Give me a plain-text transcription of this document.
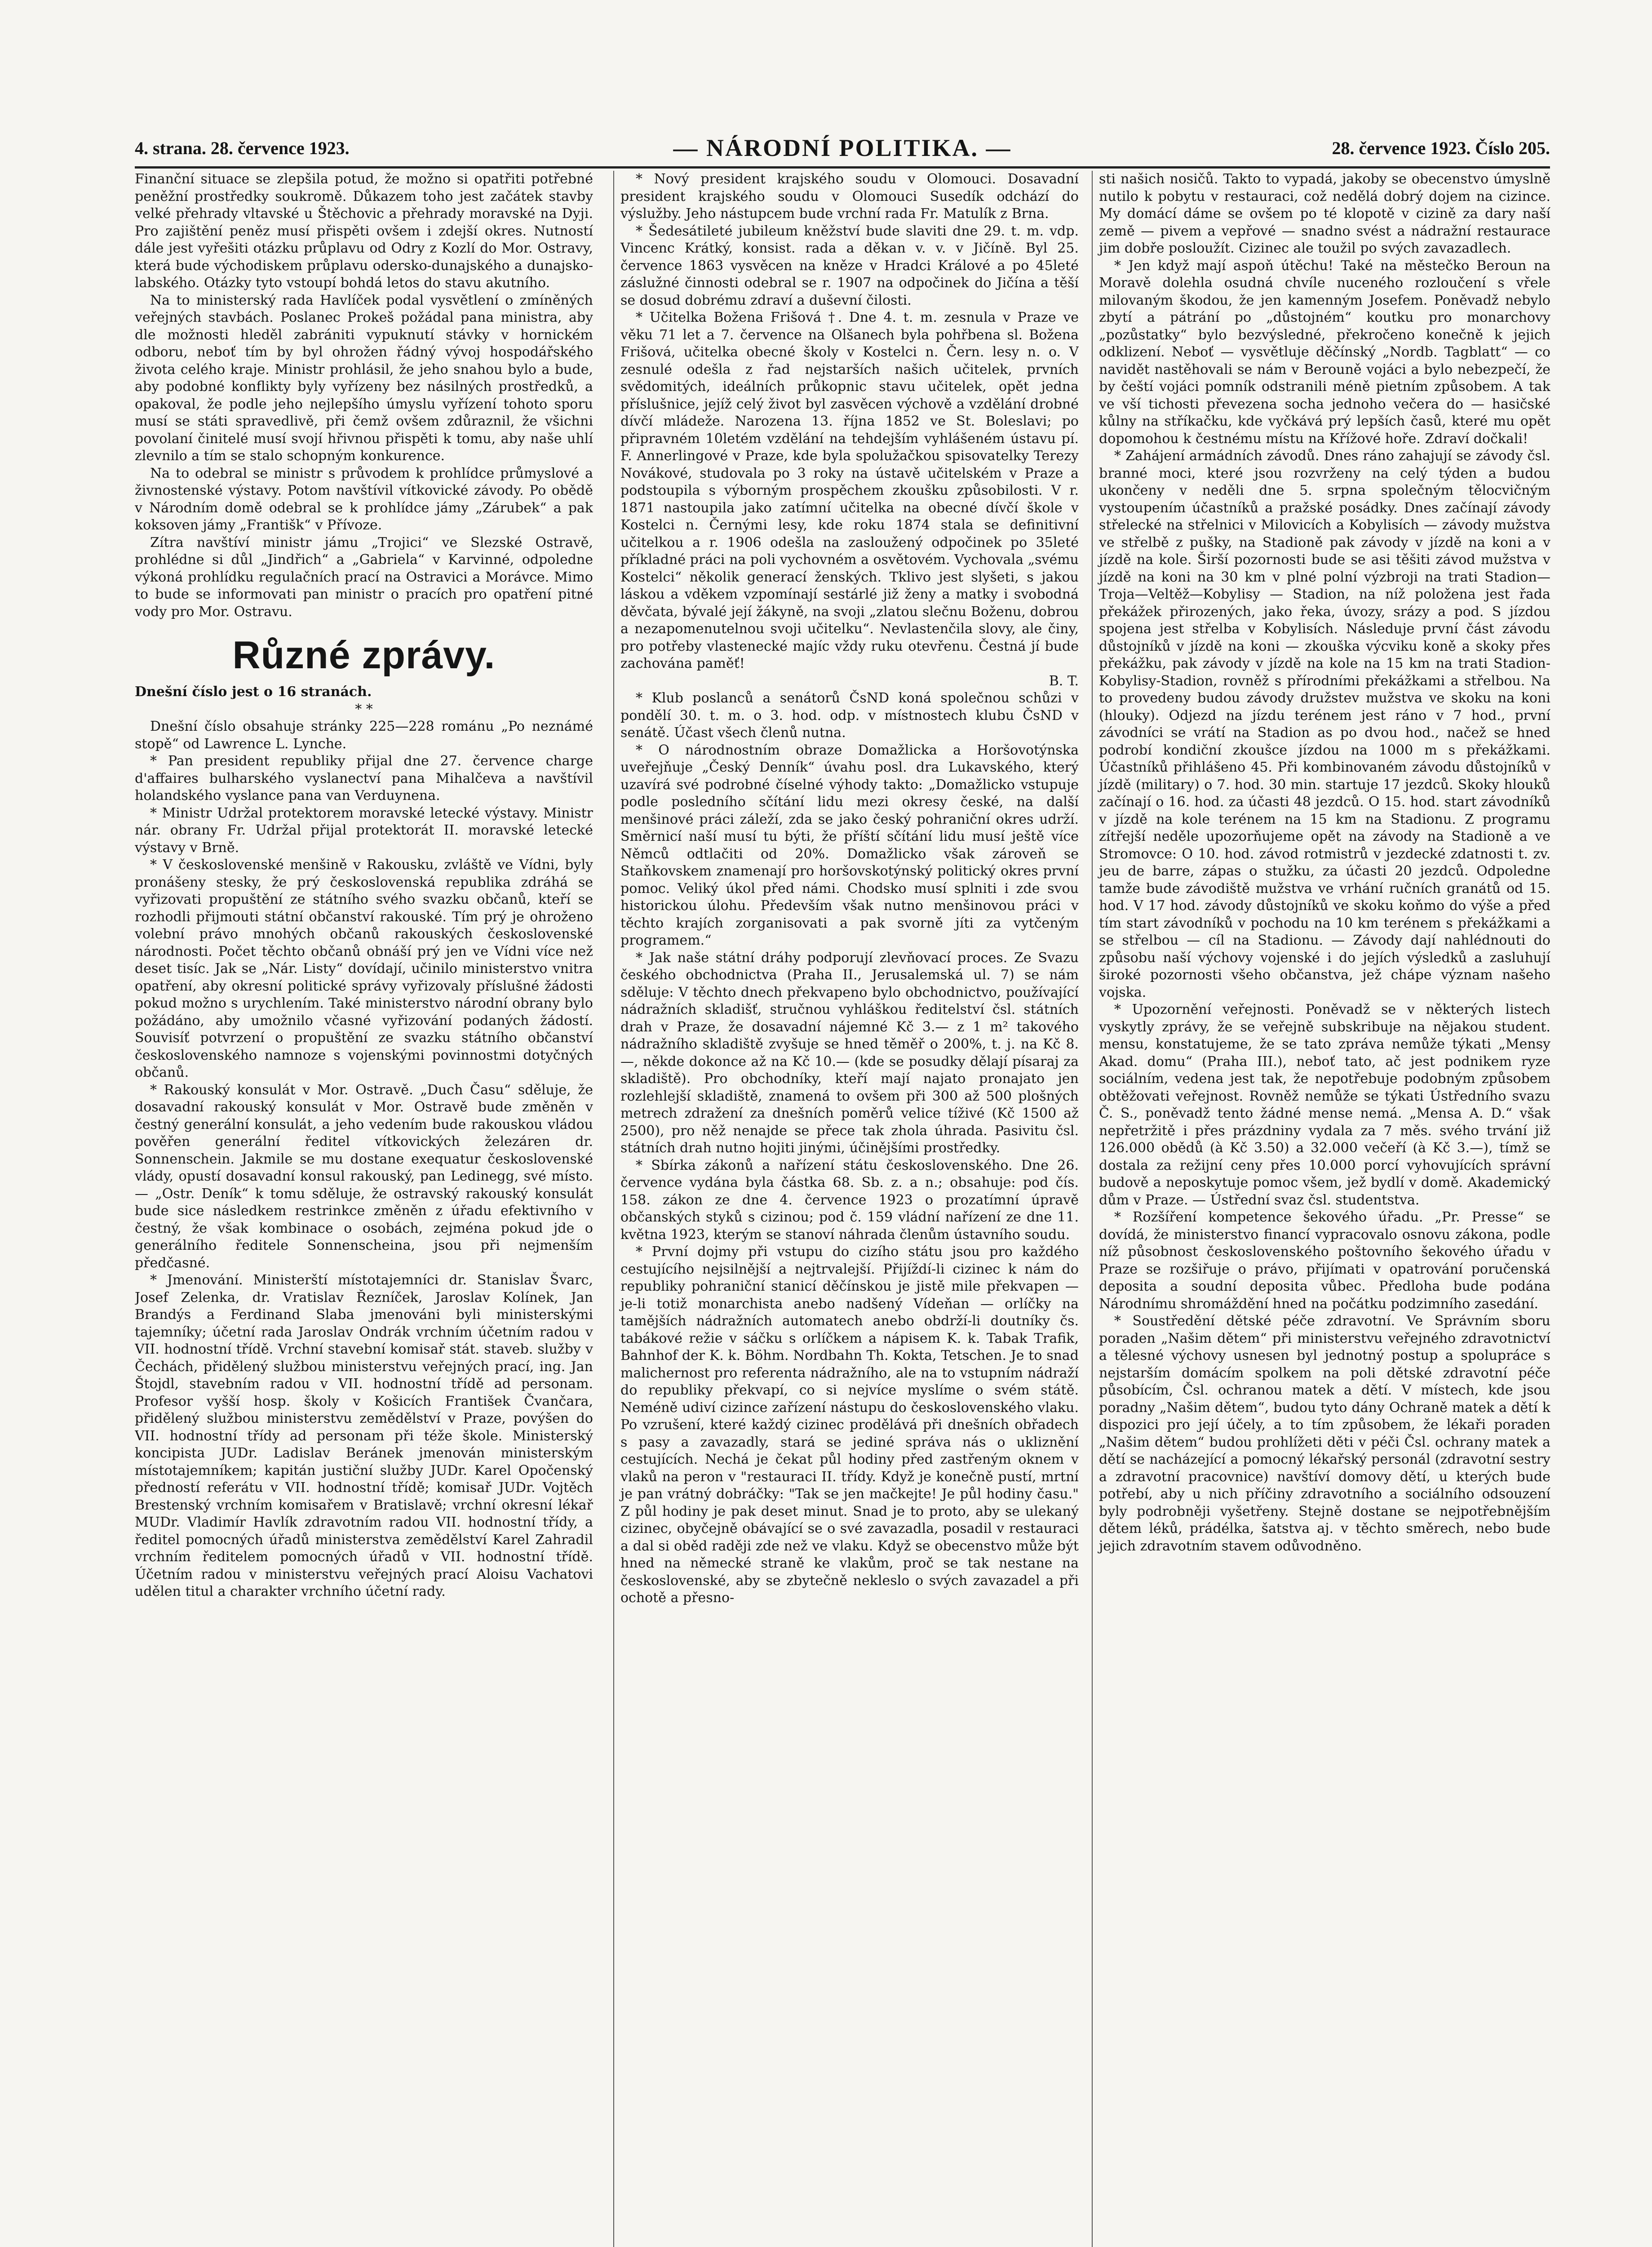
4. strana. 28. července 1923.	— NÁRODNÍ POLITIKA. —	28. července 1923. Číslo 205.

Finanční situace se zlepšila potud, že možno si opatřiti potřebné peněžní prostředky soukromě. Důkazem toho jest začátek stavby velké přehrady vltavské u Štěchovic a přehrady moravské na Dyji. Pro zajištění peněz musí přispěti ovšem i zdejší okres. Nutností dále jest vyřešiti otázku průplavu od Odry z Kozlí do Mor. Ostravy, která bude východiskem průplavu odersko-dunajského a dunajsko-labského. Otázky tyto vstoupí bohdá letos do stavu akutního.

Na to ministerský rada Havlíček podal vysvětlení o zmíněných veřejných stavbách. Poslanec Prokeš požádal pana ministra, aby dle možnosti hleděl zabrániti vypuknutí stávky v hornickém odboru, neboť tím by byl ohrožen řádný vývoj hospodářského života celého kraje. Ministr prohlásil, že jeho snahou bylo a bude, aby podobné konflikty byly vyřízeny bez násilných prostředků, a opakoval, že podle jeho nejlepšího úmyslu vyřízení tohoto sporu musí se státi spravedlivě, při čemž ovšem zdůraznil, že všichni povolaní činitelé musí svojí hřivnou přispěti k tomu, aby naše uhlí zlevnilo a tím se stalo schopným konkurence.

Na to odebral se ministr s průvodem k prohlídce průmyslové a živnostenské výstavy. Potom navštívil vítkovické závody. Po obědě v Národním domě odebral se k prohlídce jámy „Zárubek“ a pak koksoven jámy „Františk“ v Přívoze.

Zítra navštíví ministr jámu „Trojici“ ve Slezské Ostravě, prohlédne si důl „Jindřich“ a „Gabriela“ v Karvinné, odpoledne výkoná prohlídku regulačních prací na Ostravici a Morávce. Mimo to bude se informovati pan ministr o pracích pro opatření pitné vody pro Mor. Ostravu.

Různé zprávy.

Dnešní číslo jest o 16 stranách.

* *

Dnešní číslo obsahuje stránky 225—228 románu „Po neznámé stopě“ od Lawrence L. Lynche.

* Pan president republiky přijal dne 27. července charge d'affaires bulharského vyslanectví pana Mihalčeva a navštívil holandského vyslance pana van Verduynena.

* Ministr Udržal protektorem moravské letecké výstavy. Ministr nár. obrany Fr. Udržal přijal protektorát II. moravské letecké výstavy v Brně.

* V československé menšině v Rakousku, zvláště ve Vídni, byly pronášeny stesky, že prý československá republika zdráhá se vyřizovati propuštění ze státního svého svazku občanů, kteří se rozhodli přijmouti státní občanství rakouské. Tím prý je ohroženo volební právo mnohých občanů rakouských československé národnosti. Počet těchto občanů obnáší prý jen ve Vídni více než deset tisíc. Jak se „Nár. Listy“ dovídají, učinilo ministerstvo vnitra opatření, aby okresní politické správy vyřizovaly příslušné žádosti pokud možno s urychlením. Také ministerstvo národní obrany bylo požádáno, aby umožnilo včasné vyřizování podaných žádostí. Souvisíť potvrzení o propuštění ze svazku státního občanství československého namnoze s vojenskými povinnostmi dotyčných občanů.

* Rakouský konsulát v Mor. Ostravě. „Duch Času“ sděluje, že dosavadní rakouský konsulát v Mor. Ostravě bude změněn v čestný generální konsulát, a jeho vedením bude rakouskou vládou pověřen generální ředitel vítkovických železáren dr. Sonnenschein. Jakmile se mu dostane exequatur československé vlády, opustí dosavadní konsul rakouský, pan Ledinegg, své místo. — „Ostr. Deník“ k tomu sděluje, že ostravský rakouský konsulát bude sice následkem restrinkce změněn z úřadu efektivního v čestný, že však kombinace o osobách, zejména pokud jde o generálního ředitele Sonnenscheina, jsou při nejmenším předčasné.

* Jmenování. Ministerští místotajemníci dr. Stanislav Švarc, Josef Zelenka, dr. Vratislav Řezníček, Jaroslav Kolínek, Jan Brandýs a Ferdinand Slaba jmenováni byli ministerskými tajemníky; účetní rada Jaroslav Ondrák vrchním účetním radou v VII. hodnostní třídě. Vrchní stavební komisař stát. staveb. služby v Čechách, přidělený službou ministerstvu veřejných prací, ing. Jan Štojdl, stavebním radou v VII. hodnostní třídě ad personam. Profesor vyšší hosp. školy v Košicích František Čvančara, přidělený službou ministerstvu zemědělství v Praze, povýšen do VII. hodnostní třídy ad personam při téže škole. Ministerský koncipista JUDr. Ladislav Beránek jmenován ministerským místotajemníkem; kapitán justiční služby JUDr. Karel Opočenský předností referátu v VII. hodnostní třídě; komisař JUDr. Vojtěch Brestenský vrchním komisařem v Bratislavě; vrchní okresní lékař MUDr. Vladimír Havlík zdravotním radou VII. hodnostní třídy, a ředitel pomocných úřadů ministerstva zemědělství Karel Zahradil vrchním ředitelem pomocných úřadů v VII. hodnostní třídě. Účetním radou v ministerstvu veřejných prací Aloisu Vachatovi udělen titul a charakter vrchního účetní rady.

* Nový president krajského soudu v Olomouci. Dosavadní president krajského soudu v Olomouci Susedík odchází do výslužby. Jeho nástupcem bude vrchní rada Fr. Matulík z Brna.

* Šedesátileté jubileum kněžství bude slaviti dne 29. t. m. vdp. Vincenc Krátký, konsist. rada a děkan v. v. v Jičíně. Byl 25. července 1863 vysvěcen na kněze v Hradci Králové a po 45leté záslužné činnosti odebral se r. 1907 na odpočinek do Jičína a těší se dosud dobrému zdraví a duševní čilosti.

* Učitelka Božena Frišová †. Dne 4. t. m. zesnula v Praze ve věku 71 let a 7. července na Olšanech byla pohřbena sl. Božena Frišová, učitelka obecné školy v Kostelci n. Čern. lesy n. o. V zesnulé odešla z řad nejstarších našich učitelek, prvních svědomitých, ideálních průkopnic stavu učitelek, opět jedna příslušnice, jejíž celý život byl zasvěcen výchově a vzdělání drobné dívčí mládeže. Narozena 13. října 1852 ve St. Boleslavi; po připravném 10letém vzdělání na tehdejším vyhlášeném ústavu pí. F. Annerlingové v Praze, kde byla spolužačkou spisovatelky Terezy Novákové, studovala po 3 roky na ústavě učitelském v Praze a podstoupila s výborným prospěchem zkoušku způsobilosti. V r. 1871 nastoupila jako zatímní učitelka na obecné dívčí škole v Kostelci n. Černými lesy, kde roku 1874 stala se definitivní učitelkou a r. 1906 odešla na zasloužený odpočinek po 35leté příkladné práci na poli vychovném a osvětovém. Vychovala „svému Kostelci“ několik generací ženských. Tklivo jest slyšeti, s jakou láskou a vděkem vzpomínají sestárlé již ženy a matky i svobodná děvčata, bývalé její žákyně, na svoji „zlatou slečnu Boženu, dobrou a nezapomenutelnou svoji učitelku“. Nevlastenčila slovy, ale činy, pro potřeby vlastenecké majíc vždy ruku otevřenu. Čestná jí bude zachována paměť!

B. T.

* Klub poslanců a senátorů ČsND koná společnou schůzi v pondělí 30. t. m. o 3. hod. odp. v místnostech klubu ČsND v senátě. Účast všech členů nutna.

* O národnostním obraze Domažlicka a Horšovotýnska uveřejňuje „Český Denník“ úvahu posl. dra Lukavského, který uzavírá své podrobné číselné výhody takto: „Domažlicko vstupuje podle posledního sčítání lidu mezi okresy české, na další menšinové práci záleží, zda se jako český pohraniční okres udrží. Směrnicí naší musí tu býti, že příští sčítání lidu musí ještě více Němců odtlačiti od 20%. Domažlicko však zároveň se Staňkovskem znamenají pro horšovskotýnský politický okres první pomoc. Veliký úkol před námi. Chodsko musí splniti i zde svou historickou úlohu. Především však nutno menšinovou práci v těchto krajích zorganisovati a pak svorně jíti za vytčeným programem.“

* Jak naše státní dráhy podporují zlevňovací proces. Ze Svazu českého obchodnictva (Praha II., Jerusalemská ul. 7) se nám sděluje: V těchto dnech překvapeno bylo obchodnictvo, používající nádražních skladišť, stručnou vyhláškou ředitelství čsl. státních drah v Praze, že dosavadní nájemné Kč 3.— z 1 m² takového nádražního skladiště zvyšuje se hned těměř o 200%, t. j. na Kč 8.—, někde dokonce až na Kč 10.— (kde se posudky dělají písaraj za skladiště). Pro obchodníky, kteří mají najato pronajato jen rozlehlejší skladiště, znamená to ovšem při 300 až 500 plošných metrech zdražení za dnešních poměrů velice tíživé (Kč 1500 až 2500), pro něž nenajde se přece tak zhola úhrada. Pasivitu čsl. státních drah nutno hojiti jinými, účinějšími prostředky.

* Sbírka zákonů a nařízení státu československého. Dne 26. července vydána byla částka 68. Sb. z. a n.; obsahuje: pod čís. 158. zákon ze dne 4. července 1923 o prozatímní úpravě občanských styků s cizinou; pod č. 159 vládní nařízení ze dne 11. května 1923, kterým se stanoví náhrada členům ústavního soudu.

* První dojmy při vstupu do cizího státu jsou pro každého cestujícího nejsilnější a nejtrvalejší. Přijíždí-li cizinec k nám do republiky pohraniční stanicí děčínskou je jistě mile překvapen — je-li totiž monarchista anebo nadšený Vídeňan — orlíčky na tamějších nádražních automatech anebo obdrží-li doutníky čs. tabákové režie v sáčku s orlíčkem a nápisem K. k. Tabak Trafik, Bahnhof der K. k. Böhm. Nordbahn Th. Kokta, Tetschen. Je to snad malichernost pro referenta nádražního, ale na to vstupním nádraží do republiky překvapí, co si nejvíce myslíme o svém státě. Neméně udiví cizince zařízení nástupu do československého vlaku. Po vzrušení, které každý cizinec prodělává při dnešních obřadech s pasy a zavazadly, stará se jediné správa nás o ukliznění cestujících. Nechá je čekat půl hodiny před zastřeným oknem v vlaků na peron v "restauraci II. třídy. Když je konečně pustí, mrtní je pan vrátný dobráčky: "Tak se jen mačkejte! Je půl hodiny času." Z půl hodiny je pak deset minut. Snad je to proto, aby se ulekaný cizinec, obyčejně obávající se o své zavazadla, posadil v restauraci a dal si oběd raději zde než ve vlaku. Když se obecenstvo může být hned na německé straně ke vlakům, proč se tak nestane na československé, aby se zbytečně nekleslo o svých zavazadel a při ochotě a přesno-

sti našich nosičů. Takto to vypadá, jakoby se obecenstvo úmyslně nutilo k pobytu v restauraci, což nedělá dobrý dojem na cizince. My domácí dáme se ovšem po té klopotě v cizině za dary naší země — pivem a vepřové — snadno svést a nádražní restaurace jim dobře posloužít. Cizinec ale toužil po svých zavazadlech.

* Jen když mají aspoň útěchu! Také na městečko Beroun na Moravě dolehla osudná chvíle nuceného rozloučení s vřele milovaným škodou, že jen kamenným Josefem. Poněvadž nebylo zbytí a pátrání po „důstojném“ koutku pro monarchovy „pozůstatky“ bylo bezvýsledné, překročeno konečně k jejich odklizení. Neboť — vysvětluje děčínský „Nordb. Tagblatt“ — co navidět nastěhovali se nám v Berouně vojáci a bylo nebezpečí, že by čeští vojáci pomník odstranili méně pietním způsobem. A tak ve vší tichosti převezena socha jednoho večera do — hasičské kůlny na stříkačku, kde vyčkává prý lepších časů, které mu opět dopomohou k čestnému místu na Křížové hoře. Zdraví dočkali!

* Zahájení armádních závodů. Dnes ráno zahajují se závody čsl. branné moci, které jsou rozvrženy na celý týden a budou ukončeny v neděli dne 5. srpna společným tělocvičným vystoupením účastníků a pražské posádky. Dnes začínají závody střelecké na střelnici v Milovicích a Kobylisích — závody mužstva ve střelbě z pušky, na Stadioně pak závody v jízdě na koni a v jízdě na kole. Širší pozornosti bude se asi těšiti závod mužstva v jízdě na koni na 30 km v plné polní výzbroji na trati Stadion—Troja—Veltěž—Kobylisy — Stadion, na níž položena jest řada překážek přirozených, jako řeka, úvozy, srázy a pod. S jízdou spojena jest střelba v Kobylisích. Následuje první část závodu důstojníků v jízdě na koni — zkouška výcviku koně a skoky přes překážku, pak závody v jízdě na kole na 15 km na trati Stadion-Kobylisy-Stadion, rovněž s přírodními překážkami a střelbou. Na to provedeny budou závody družstev mužstva ve skoku na koni (hlouky). Odjezd na jízdu terénem jest ráno v 7 hod., první závodníci se vrátí na Stadion as po dvou hod., načež se hned podrobí kondiční zkoušce jízdou na 1000 m s překážkami. Účastníků přihlášeno 45. Při kombinovaném závodu důstojníků v jízdě (military) o 7. hod. 30 min. startuje 17 jezdců. Skoky hlouků začínají o 16. hod. za účasti 48 jezdců. O 15. hod. start závodníků v jízdě na kole terénem na 15 km na Stadionu. Z programu zítřejší neděle upozorňujeme opět na závody na Stadioně a ve Stromovce: O 10. hod. závod rotmistrů v jezdecké zdatnosti t. zv. jeu de barre, zápas o stužku, za účasti 20 jezdců. Odpoledne tamže bude závodiště mužstva ve vrhání ručních granátů od 15. hod. V 17 hod. závody důstojníků ve skoku koňmo do výše a před tím start závodníků v pochodu na 10 km terénem s překážkami a se střelbou — cíl na Stadionu. — Závody dají nahlédnouti do způsobu naší výchovy vojenské i do jejích výsledků a zasluhují široké pozornosti všeho občanstva, jež chápe význam našeho vojska.

* Upozornění veřejnosti. Poněvadž se v některých listech vyskytly zprávy, že se veřejně subskribuje na nějakou student. mensu, konstatujeme, že se tato zpráva nemůže týkati „Mensy Akad. domu“ (Praha III.), neboť tato, ač jest podnikem ryze sociálním, vedena jest tak, že nepotřebuje podobným způsobem obtěžovati veřejnost. Rovněž nemůže se týkati Ústředního svazu Č. S., poněvadž tento žádné mense nemá. „Mensa A. D.“ však nepřetržitě i přes prázdniny vydala za 7 měs. svého trvání již 126.000 obědů (à Kč 3.50) a 32.000 večeří (à Kč 3.—), tímž se dostala za režijní ceny přes 10.000 porcí vyhovujících správní budově a neposkytuje pomoc všem, jež bydlí v domě. Akademický dům v Praze. — Ústřední svaz čsl. studentstva.

* Rozšíření kompetence šekového úřadu. „Pr. Presse“ se dovídá, že ministerstvo financí vypracovalo osnovu zákona, podle níž působnost československého poštovního šekového úřadu v Praze se rozšiřuje o právo, přijímati v opatrování poručenská deposita a soudní deposita vůbec. Předloha bude podána Národnímu shromáždění hned na počátku podzimního zasedání.

* Soustředění dětské péče zdravotní. Ve Správním sboru poraden „Našim dětem“ při ministerstvu veřejného zdravotnictví a tělesné výchovy usnesen byl jednotný postup a spolupráce s nejstarším domácím spolkem na poli dětské zdravotní péče působícím, Čsl. ochranou matek a dětí. V místech, kde jsou poradny „Našim dětem“, budou tyto dány Ochraně matek a dětí k dispozici pro její účely, a to tím způsobem, že lékaři poraden „Našim dětem“ budou prohlížeti děti v péči Čsl. ochrany matek a dětí se nacházející a pomocný lékařský personál (zdravotní sestry a zdravotní pracovnice) navštíví domovy dětí, u kterých bude potřebí, aby u nich příčiny zdravotního a sociálního odsouzení byly podrobněji vyšetřeny. Stejně dostane se nejpotřebnějším dětem léků, prádélka, šatstva aj. v těchto směrech, nebo bude jejich zdravotním stavem odůvodněno.
